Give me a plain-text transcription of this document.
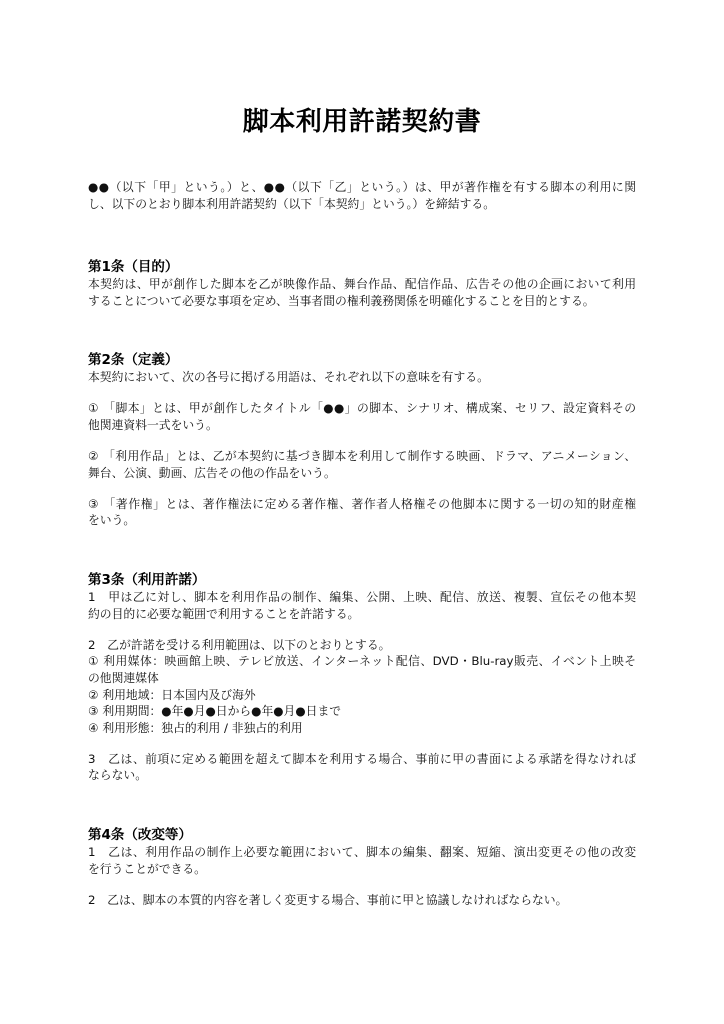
脚本利用許諾契約書
●●（以下「甲」という。）と、●●（以下「乙」という。）は、甲が著作権を有する脚本の利用に関
し、以下のとおり脚本利用許諾契約（以下「本契約」という。）を締結する。
第1条（目的）
本契約は、甲が創作した脚本を乙が映像作品、舞台作品、配信作品、広告その他の企画において利用
することについて必要な事項を定め、当事者間の権利義務関係を明確化することを目的とする。
第2条（定義）
本契約において、次の各号に掲げる用語は、それぞれ以下の意味を有する。
① 「脚本」とは、甲が創作したタイトル「●●」の脚本、シナリオ、構成案、セリフ、設定資料その
他関連資料一式をいう。
② 「利用作品」とは、乙が本契約に基づき脚本を利用して制作する映画、ドラマ、アニメーション、
舞台、公演、動画、広告その他の作品をいう。
③ 「著作権」とは、著作権法に定める著作権、著作者人格権その他脚本に関する一切の知的財産権
をいう。
第3条（利用許諾）
1　甲は乙に対し、脚本を利用作品の制作、編集、公開、上映、配信、放送、複製、宣伝その他本契
約の目的に必要な範囲で利用することを許諾する。
2　乙が許諾を受ける利用範囲は、以下のとおりとする。
① 利用媒体：映画館上映、テレビ放送、インターネット配信、DVD・Blu-ray販売、イベント上映そ
の他関連媒体
② 利用地域：日本国内及び海外
③ 利用期間：●年●月●日から●年●月●日まで
④ 利用形態：独占的利用 / 非独占的利用
3　乙は、前項に定める範囲を超えて脚本を利用する場合、事前に甲の書面による承諾を得なければ
ならない。
第4条（改変等）
1　乙は、利用作品の制作上必要な範囲において、脚本の編集、翻案、短縮、演出変更その他の改変
を行うことができる。
2　乙は、脚本の本質的内容を著しく変更する場合、事前に甲と協議しなければならない。
